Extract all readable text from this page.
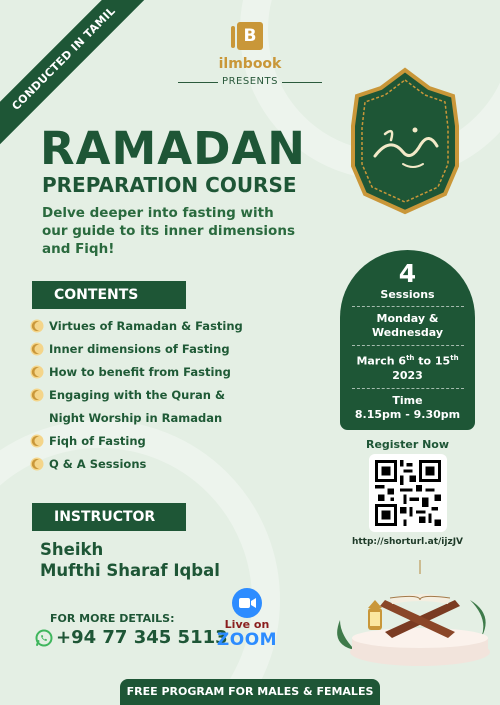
CONDUCTED IN TAMIL	B
ilmbook
PRESENTS
RAMADAN
PREPARATION COURSE
Delve deeper into fasting with
our guide to its inner dimensions
and Fiqh!
CONTENTS
Virtues of Ramadan & Fasting
Inner dimensions of Fasting
How to benefit from Fasting
Engaging with the Quran &
Night Worship in Ramadan
Fiqh of Fasting
Q & A Sessions
4
Sessions
Monday &
Wednesday
March 6th to 15th
2023
Time
8.15pm - 9.30pm
Register Now
http://shorturl.at/ijzJV
INSTRUCTOR
Sheikh
Mufthi Sharaf Iqbal
FOR MORE DETAILS:
+94 77 345 5113
Live on
ZOOM
FREE PROGRAM FOR MALES & FEMALES
